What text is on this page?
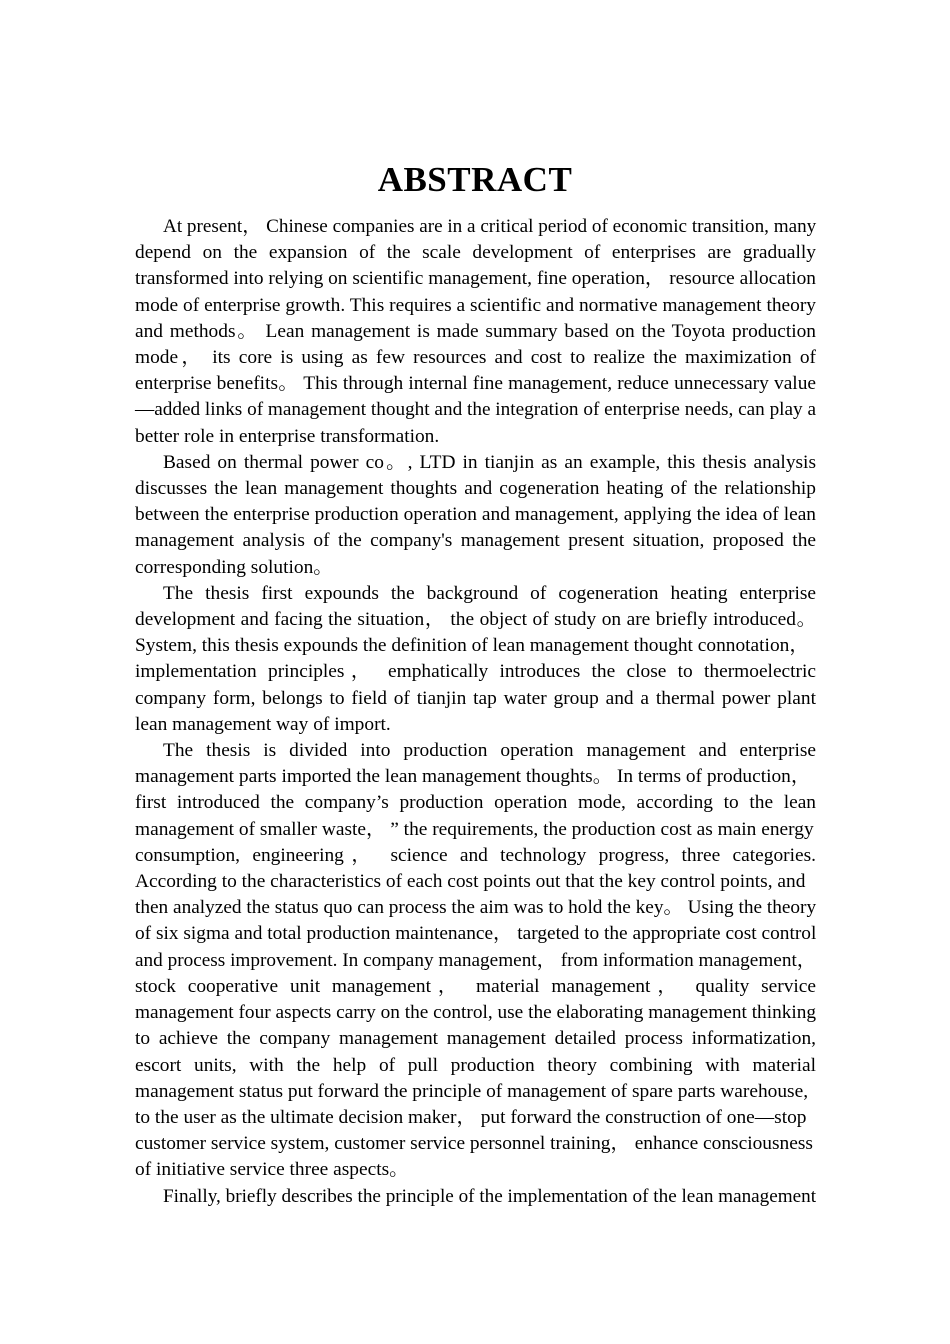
ABSTRACT
At present， Chinese companies are in a critical period of economic transition, many
depend on the expansion of the scale development of enterprises are gradually
transformed into relying on scientific management, fine operation， resource allocation
mode of enterprise growth. This requires a scientific and normative management theory
and methods。 Lean management is made summary based on the Toyota production
mode， its core is using as few resources and cost to realize the maximization of
enterprise benefits。 This through internal fine management, reduce unnecessary value
—added links of management thought and the integration of enterprise needs, can play a
better role in enterprise transformation.
Based on thermal power co。, LTD in tianjin as an example, this thesis analysis
discusses the lean management thoughts and cogeneration heating of the relationship
between the enterprise production operation and management, applying the idea of lean
management analysis of the company's management present situation, proposed the
corresponding solution。
The thesis first expounds the background of cogeneration heating enterprise
development and facing the situation， the object of study on are briefly introduced。
System, this thesis expounds the definition of lean management thought connotation，
implementation principles， emphatically introduces the close to thermoelectric
company form, belongs to field of tianjin tap water group and a thermal power plant
lean management way of import.
The thesis is divided into production operation management and enterprise
management parts imported the lean management thoughts。 In terms of production，
first introduced the company’s production operation mode, according to the lean
management of smaller waste， ” the requirements, the production cost as main energy
consumption, engineering， science and technology progress, three categories.
According to the characteristics of each cost points out that the key control points, and
then analyzed the status quo can process the aim was to hold the key。 Using the theory
of six sigma and total production maintenance， targeted to the appropriate cost control
and process improvement. In company management， from information management，
stock cooperative unit management， material management， quality service
management four aspects carry on the control, use the elaborating management thinking
to achieve the company management management detailed process informatization,
escort units, with the help of pull production theory combining with material
management status put forward the principle of management of spare parts warehouse,
to the user as the ultimate decision maker， put forward the construction of one—stop
customer service system, customer service personnel training， enhance consciousness
of initiative service three aspects。
Finally, briefly describes the principle of the implementation of the lean management
